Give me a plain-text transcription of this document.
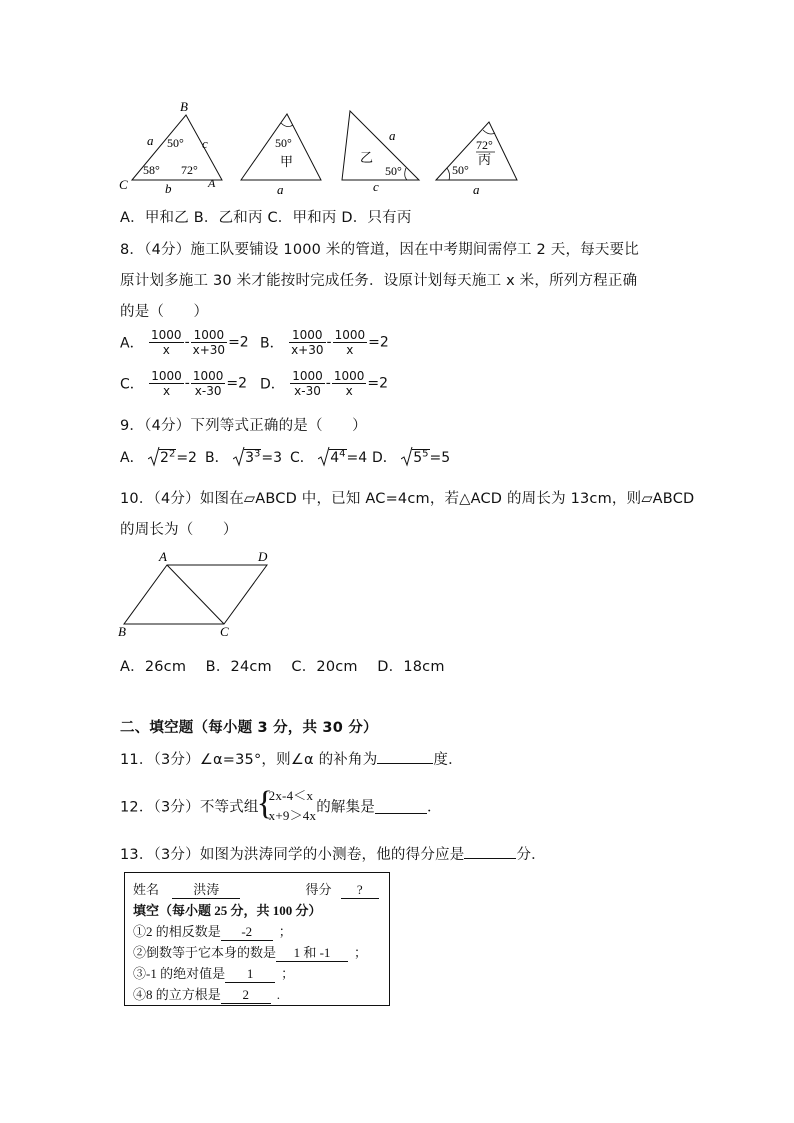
B
C	A
a	c
b
50°
58° 72°
50°
甲
a
乙
a
50°
c
72°
丙
50°
a
A．甲和乙 B．乙和丙 C．甲和丙 D．只有丙
8．（4分）施工队要铺设 1000 米的管道，因在中考期间需停工 2 天，每天要比
原计划多施工 30 米才能按时完成任务．设原计划每天施工 x 米，所列方程正确
的是（　　）
A． $\frac{1000}{x} - \frac{1000}{x+30} =2$ B． $\frac{1000}{x+30} - \frac{1000}{x} =2$
C． $\frac{1000}{x} - \frac{1000}{x-30} =2$ D． $\frac{1000}{x-30} - \frac{1000}{x} =2$
9．（4分）下列等式正确的是（　　）
A． $2^2=2$ B． $3^3=3$ C． $4^4=4$ D． $5^5=5$
10．（4分）如图在▱ABCD 中，已知 AC=4cm，若△ACD 的周长为 13cm，则▱ABCD
的周长为（　　）
A	D
B	C
A．26cm　 B．24cm　 C．20cm　 D．18cm
二、填空题（每小题 3 分，共 30 分）
11．（3分）∠α=35°，则∠α 的补角为	度．
12．（3分）不等式组
{
2x-4＜x
x+9＞4x 的解集是	．
13．（3分）如图为洪涛同学的小测卷，他的得分应是	分．
姓名	洪涛	得分 ?
填空（每小题 25 分，共 100 分）
①2 的相反数是 -2 ；
②倒数等于它本身的数是 1 和 -1 ；
③-1 的绝对值是 1 ；
④8 的立方根是 2 .
